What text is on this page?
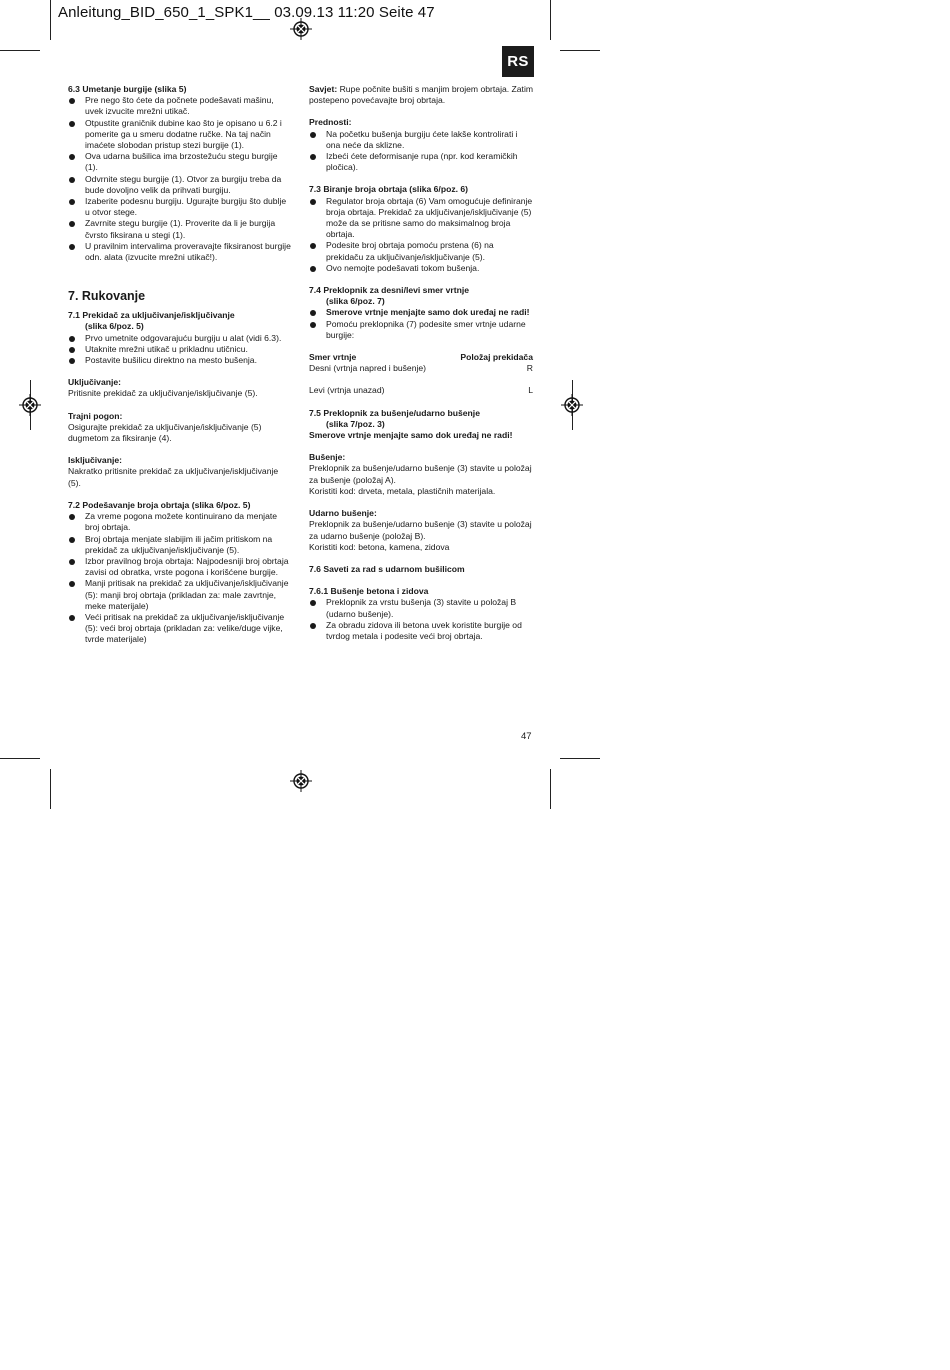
Anleitung_BID_650_1_SPK1__ 03.09.13 11:20 Seite 47
RS
6.3 Umetanje burgije (slika 5)
Pre nego što ćete da počnete podešavati mašinu, uvek izvucite mrežni utikač.
Otpustite graničnik dubine kao što je opisano u 6.2 i pomerite ga u smeru dodatne ručke. Na taj način imaćete slobodan pristup stezi burgije (1).
Ova udarna bušilica ima brzostežuću stegu burgije (1).
Odvrnite stegu burgije (1). Otvor za burgiju treba da bude dovoljno velik da prihvati burgiju.
Izaberite podesnu burgiju. Ugurajte burgiju što dublje u otvor stege.
Zavrnite stegu burgije (1). Proverite da li je burgija čvrsto fiksirana u stegi (1).
U pravilnim intervalima proveravajte fiksiranost burgije odn. alata (izvucite mrežni utikač!).
7. Rukovanje
7.1 Prekidač za uključivanje/isključivanje
(slika 6/poz. 5)
Prvo umetnite odgovarajuću burgiju u alat (vidi 6.3).
Utaknite mrežni utikač u prikladnu utičnicu.
Postavite bušilicu direktno na mesto bušenja.
Uključivanje:
Pritisnite prekidač za uključivanje/isključivanje (5).
Trajni pogon:
Osigurajte prekidač za uključivanje/isključivanje (5) dugmetom za fiksiranje (4).
Isključivanje:
Nakratko pritisnite prekidač za uključivanje/isključivanje (5).
7.2 Podešavanje broja obrtaja (slika 6/poz. 5)
Za vreme pogona možete kontinuirano da menjate broj obrtaja.
Broj obrtaja menjate slabijim ili jačim pritiskom na prekidač za uključivanje/isključivanje (5).
Izbor pravilnog broja obrtaja: Najpodesniji broj obrtaja zavisi od obratka, vrste pogona i korišćene burgije.
Manji pritisak na prekidač za uključivanje/isključivanje (5): manji broj obrtaja (prikladan za: male zavrtnje, meke materijale)
Veći pritisak na prekidač za uključivanje/isključivanje (5): veći broj obrtaja (prikladan za: velike/duge vijke, tvrde materijale)
Savjet: Rupe počnite bušiti s manjim brojem obrtaja. Zatim postepeno povećavajte broj obrtaja.
Prednosti:
Na početku bušenja burgiju ćete lakše kontrolirati i ona neće da sklizne.
Izbeći ćete deformisanje rupa (npr. kod keramičkih pločica).
7.3 Biranje broja obrtaja (slika 6/poz. 6)
Regulator broja obrtaja (6) Vam omogućuje definiranje broja obrtaja. Prekidač za uključivanje/isključivanje (5) može da se pritisne samo do maksimalnog broja obrtaja.
Podesite broj obrtaja pomoću prstena (6) na prekidaču za uključivanje/isključivanje (5).
Ovo nemojte podešavati tokom bušenja.
7.4 Preklopnik za desni/levi smer vrtnje
(slika 6/poz. 7)
Smerove vrtnje menjajte samo dok uređaj ne radi!
Pomoću preklopnika (7) podesite smer vrtnje udarne burgije:
Smer vrtnje	Položaj prekidača
Desni (vrtnja napred i bušenje)	R
Levi (vrtnja unazad)	L
7.5 Preklopnik za bušenje/udarno bušenje
(slika 7/poz. 3)
Smerove vrtnje menjajte samo dok uređaj ne radi!
Bušenje:
Preklopnik za bušenje/udarno bušenje (3) stavite u položaj za bušenje (položaj A).
Koristiti kod: drveta, metala, plastičnih materijala.
Udarno bušenje:
Preklopnik za bušenje/udarno bušenje (3) stavite u položaj za udarno bušenje (položaj B).
Koristiti kod: betona, kamena, zidova
7.6 Saveti za rad s udarnom bušilicom
7.6.1 Bušenje betona i zidova
Preklopnik za vrstu bušenja (3) stavite u položaj B (udarno bušenje).
Za obradu zidova ili betona uvek koristite burgije od tvrdog metala i podesite veći broj obrtaja.
47
